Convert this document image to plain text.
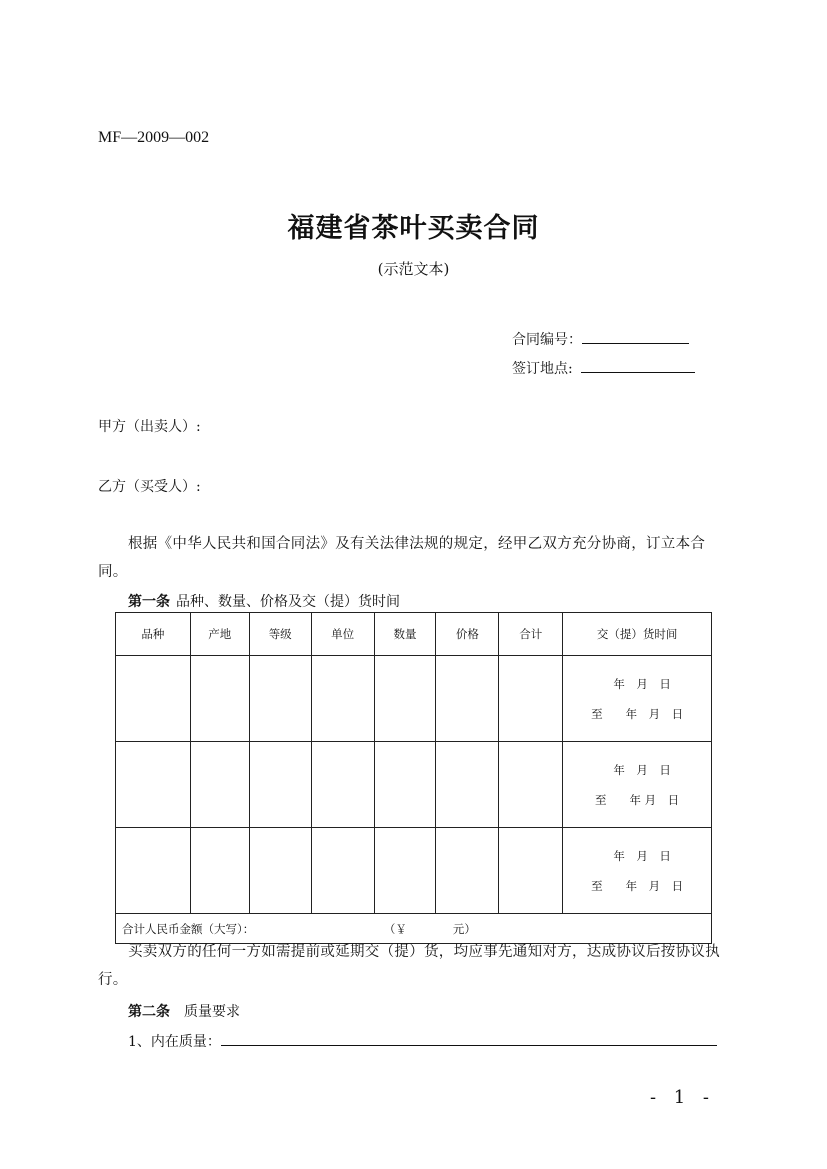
MF—2009—002
福建省茶叶买卖合同
(示范文本)
合同编号：
签订地点:
甲方（出卖人）:
乙方（买受人）:
根据《中华人民共和国合同法》及有关法律法规的规定，经甲乙双方充分协商，订立本合同。
第一条 品种、数量、价格及交（提）货时间
品种	产地	等级	单位	数量	价格	合计	交（提）货时间

							年　月　日
至　　年　月　日

							年　月　日
至　　年 月　日

							年　月　日
至　　年　月　日

合计人民币金额（大写）： （￥　　　　元）							
买卖双方的任何一方如需提前或延期交（提）货，均应事先通知对方，达成协议后按协议执行。
第二条 质量要求
1、内在质量：
- 1 -
